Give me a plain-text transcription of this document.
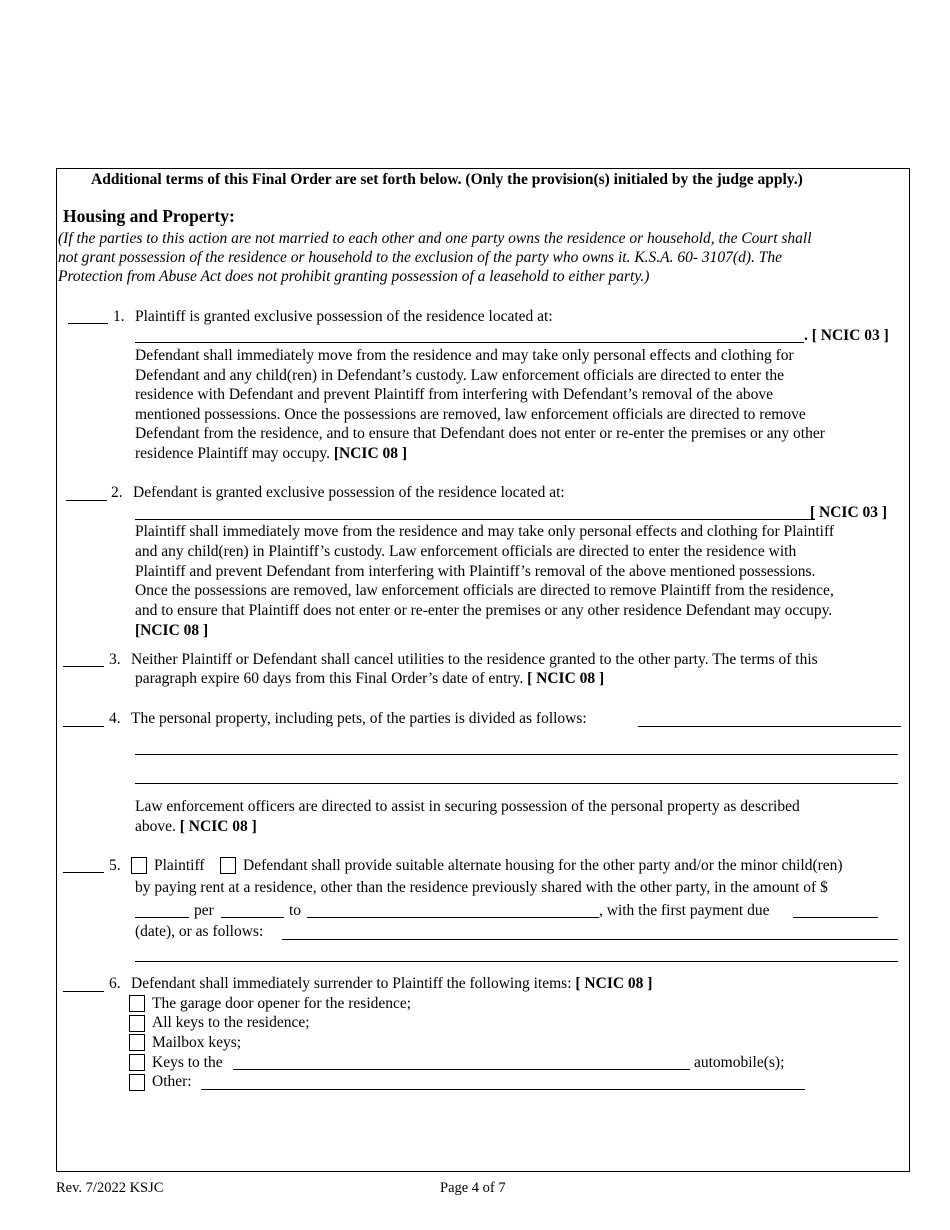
Additional terms of this Final Order are set forth below. (Only the provision(s) initialed by the judge apply.)
Housing and Property:
(If the parties to this action are not married to each other and one party owns the residence or household, the Court shall
not grant possession of the residence or household to the exclusion of the party who owns it. K.S.A. 60- 3107(d). The
Protection from Abuse Act does not prohibit granting possession of a leasehold to either party.)
1. Plaintiff is granted exclusive possession of the residence located at:
. [ NCIC 03 ]
Defendant shall immediately move from the residence and may take only personal effects and clothing for
Defendant and any child(ren) in Defendant’s custody. Law enforcement officials are directed to enter the
residence with Defendant and prevent Plaintiff from interfering with Defendant’s removal of the above
mentioned possessions. Once the possessions are removed, law enforcement officials are directed to remove
Defendant from the residence, and to ensure that Defendant does not enter or re-enter the premises or any other
residence Plaintiff may occupy. [NCIC 08 ]
2. Defendant is granted exclusive possession of the residence located at:
[ NCIC 03 ]
Plaintiff shall immediately move from the residence and may take only personal effects and clothing for Plaintiff
and any child(ren) in Plaintiff’s custody. Law enforcement officials are directed to enter the residence with
Plaintiff and prevent Defendant from interfering with Plaintiff’s removal of the above mentioned possessions.
Once the possessions are removed, law enforcement officials are directed to remove Plaintiff from the residence,
and to ensure that Plaintiff does not enter or re-enter the premises or any other residence Defendant may occupy.
[NCIC 08 ]
3. Neither Plaintiff or Defendant shall cancel utilities to the residence granted to the other party. The terms of this
paragraph expire 60 days from this Final Order’s date of entry. [ NCIC 08 ]
4. The personal property, including pets, of the parties is divided as follows:
Law enforcement officers are directed to assist in securing possession of the personal property as described
above. [ NCIC 08 ]
5. Plaintiff Defendant shall provide suitable alternate housing for the other party and/or the minor child(ren)
by paying rent at a residence, other than the residence previously shared with the other party, in the amount of $
per	to	, with the first payment due
(date), or as follows:
6. Defendant shall immediately surrender to Plaintiff the following items: [ NCIC 08 ]
The garage door opener for the residence;
All keys to the residence;
Mailbox keys;
Keys to the	automobile(s);
Other:
Rev. 7/2022 KSJC	Page 4 of 7
